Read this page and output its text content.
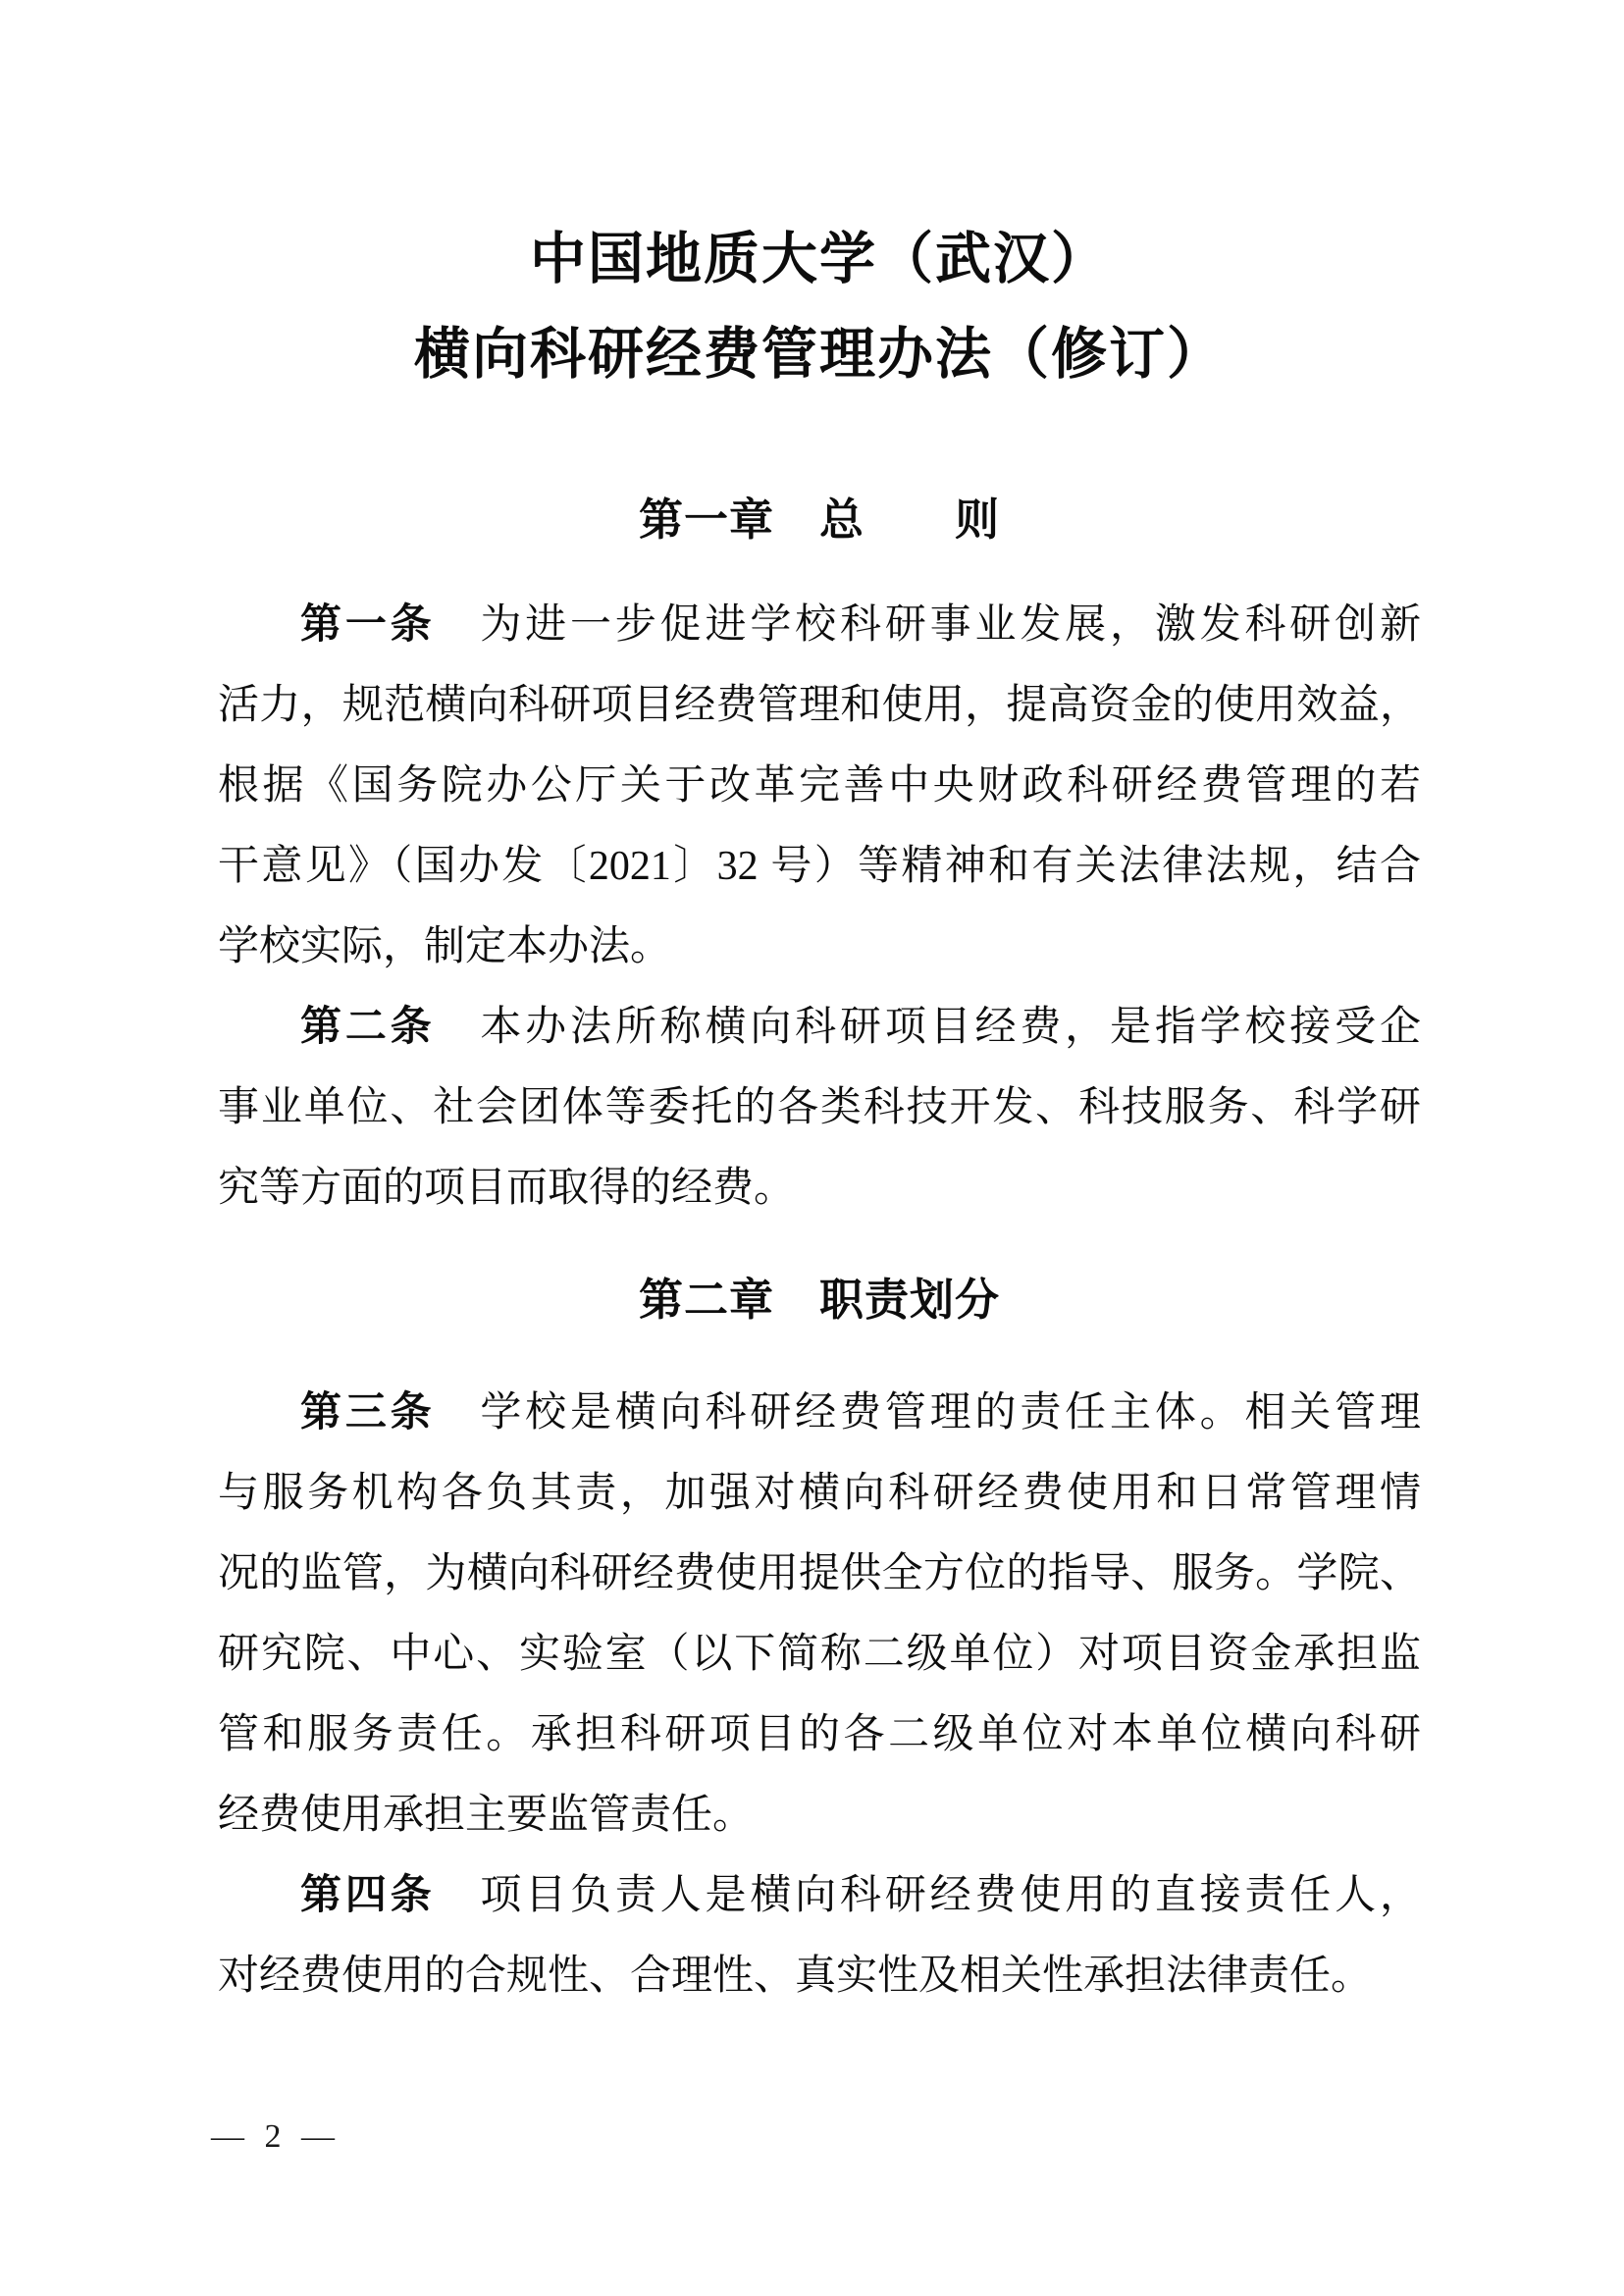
中国地质大学（武汉）
横向科研经费管理办法（修订）
第一章　总　　则

第一条　为进一步促进学校科研事业发展，激发科研创新
活力，规范横向科研项目经费管理和使用，提高资金的使用效益，
根据《国务院办公厅关于改革完善中央财政科研经费管理的若
干意见》（国办发〔2021〕32 号）等精神和有关法律法规，结合
学校实际，制定本办法。

第二条　本办法所称横向科研项目经费，是指学校接受企
事业单位、社会团体等委托的各类科技开发、科技服务、科学研
究等方面的项目而取得的经费。

第二章　职责划分

第三条　学校是横向科研经费管理的责任主体。相关管理
与服务机构各负其责，加强对横向科研经费使用和日常管理情
况的监管，为横向科研经费使用提供全方位的指导、服务。学院、
研究院、中心、实验室（以下简称二级单位）对项目资金承担监
管和服务责任。承担科研项目的各二级单位对本单位横向科研
经费使用承担主要监管责任。

第四条　项目负责人是横向科研经费使用的直接责任人，
对经费使用的合规性、合理性、真实性及相关性承担法律责任。

— 2 —
